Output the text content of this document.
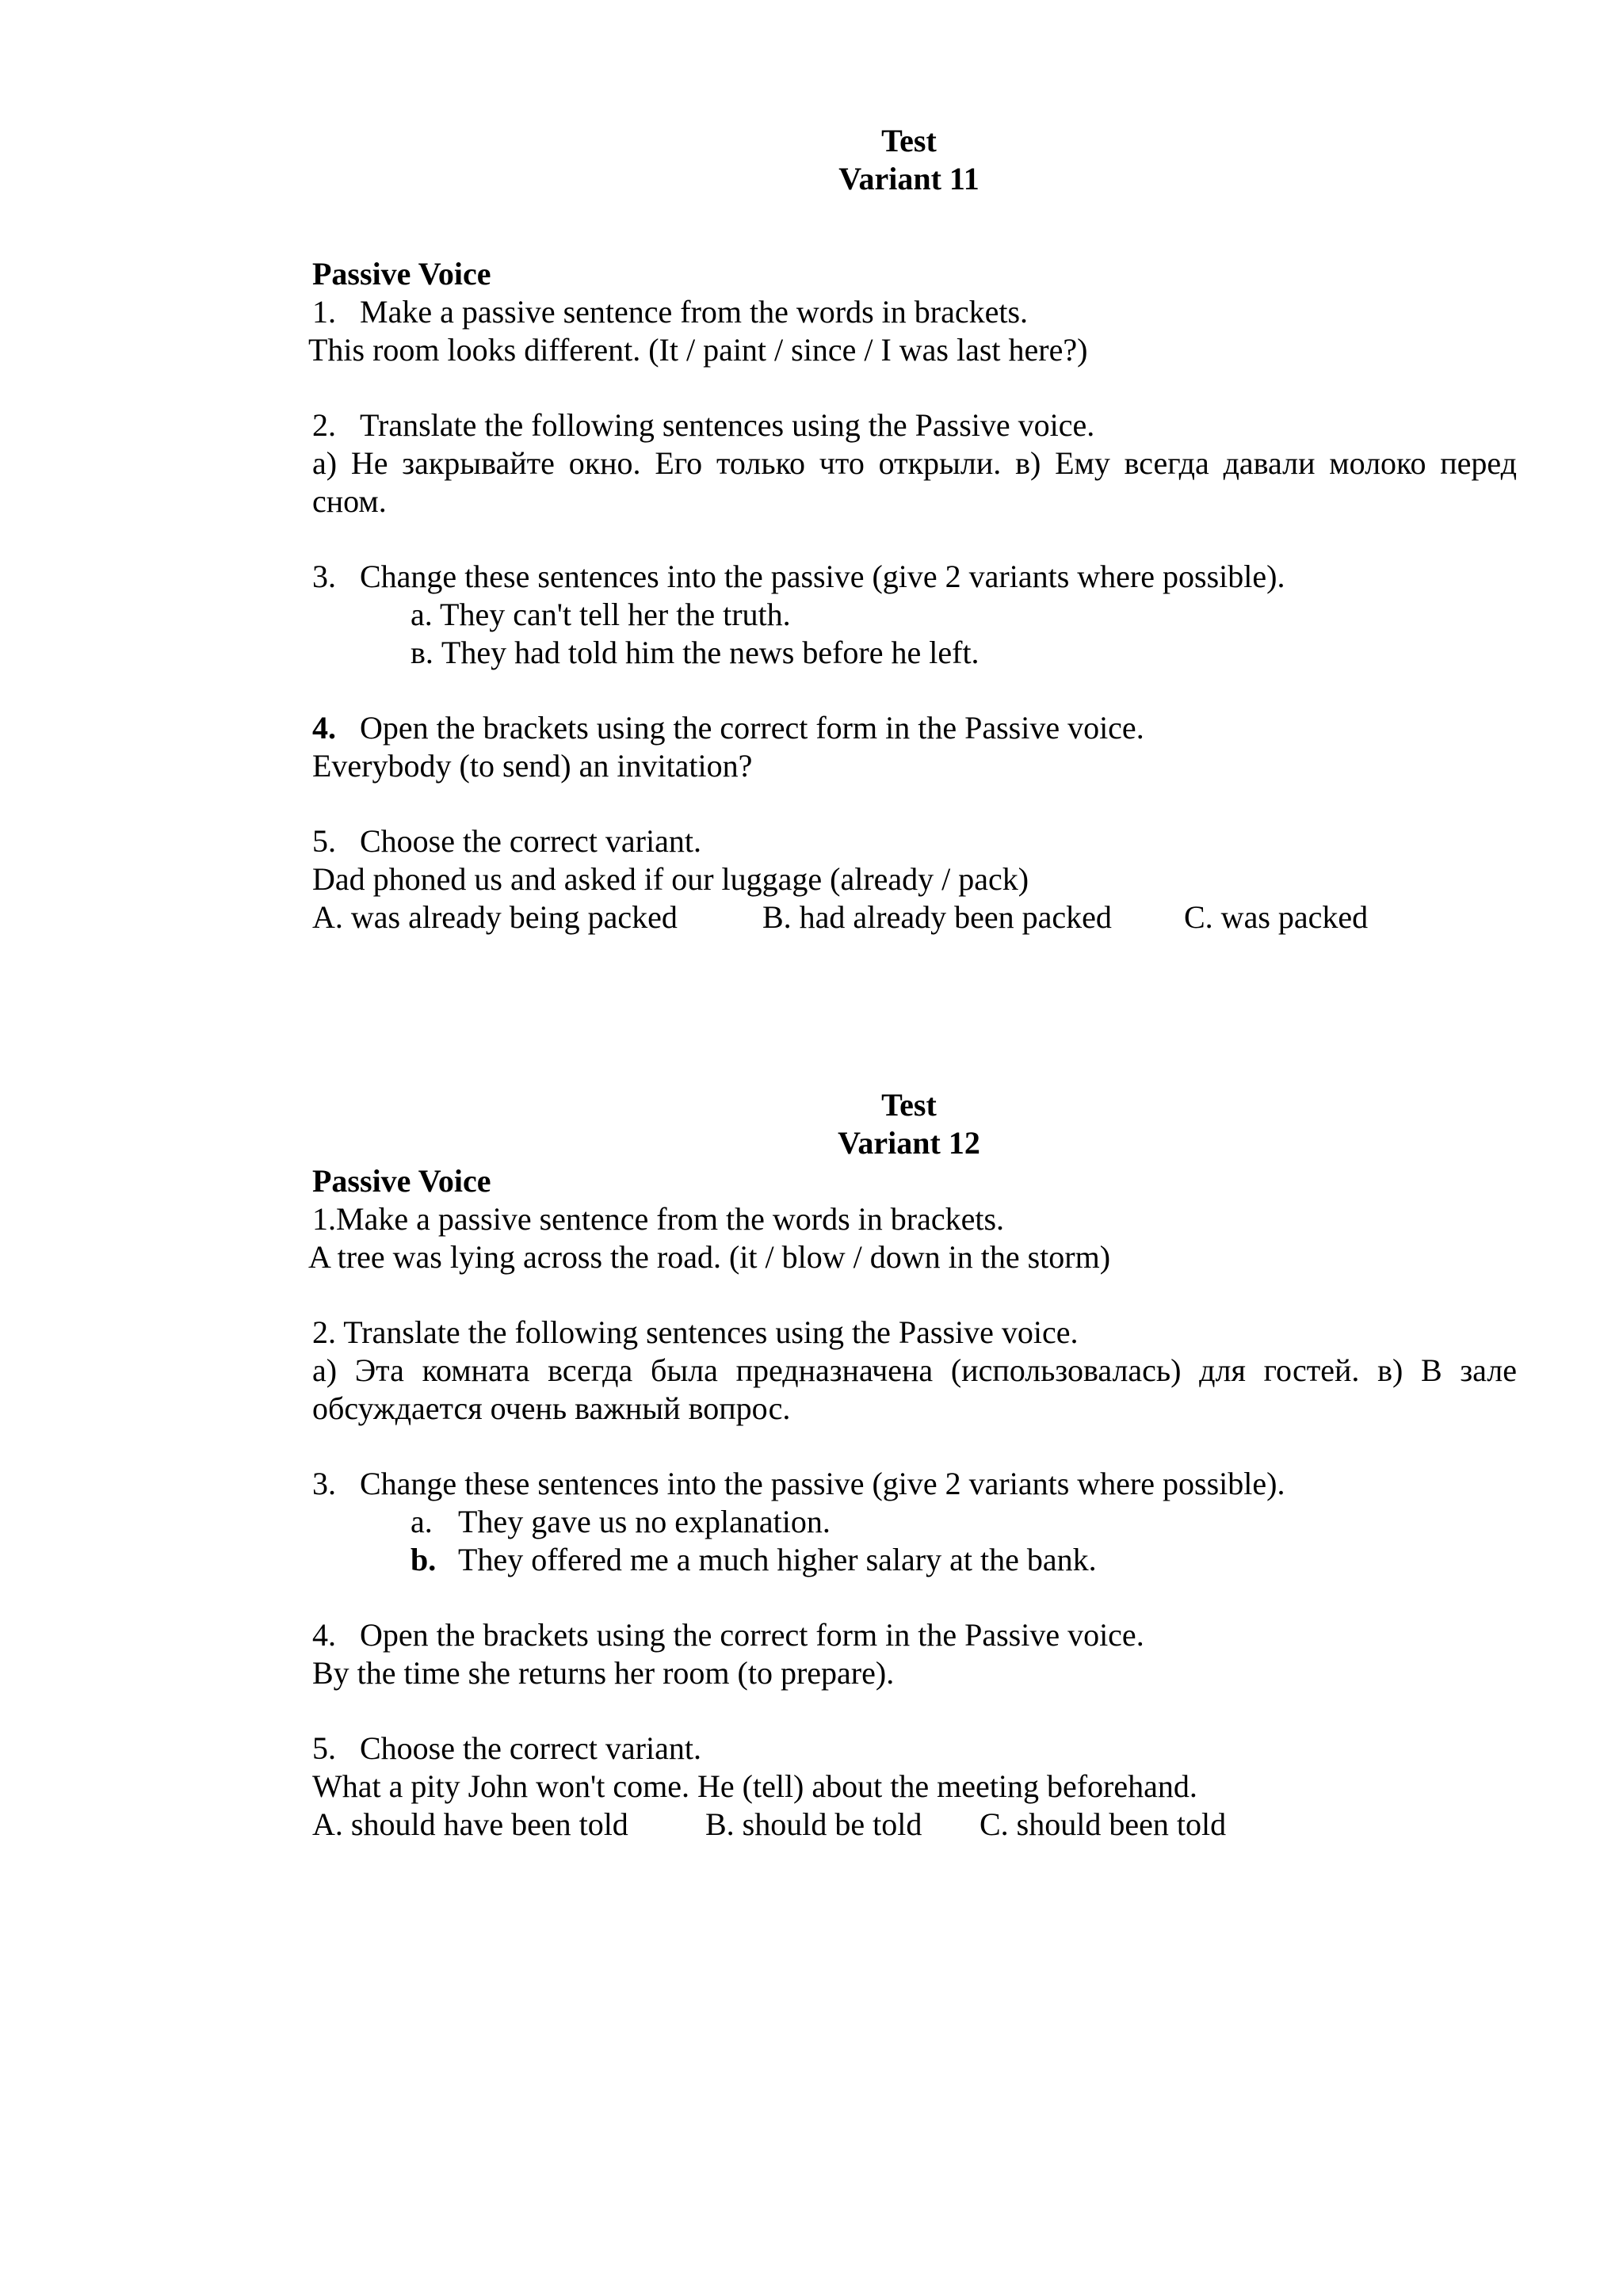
Test
Variant 11
Passive Voice
1. Make a passive sentence from the words in brackets.
This room looks different. (It / paint / since / I was last here?)
2. Translate the following sentences using the Passive voice.
а) Не закрывайте окно. Его только что открыли. в) Ему всегда давали молоко перед
сном.
3. Change these sentences into the passive (give 2 variants where possible).
a. They can't tell her the truth.
в. They had told him the news before he left.
4. Open the brackets using the correct form in the Passive voice.
Everybody (to send) an invitation?
5. Choose the correct variant.
Dad phoned us and asked if our luggage (already / pack)
A. was already being packed	B. had already been packed C. was packed
Test
Variant 12
Passive Voice
1.Make a passive sentence from the words in brackets.
A tree was lying across the road. (it / blow / down in the storm)
2. Translate the following sentences using the Passive voice.
а) Эта комната всегда была предназначена (использовалась) для гостей. в) В зале
обсуждается очень важный вопрос.
3. Change these sentences into the passive (give 2 variants where possible).
a. They gave us no explanation.
b. They offered me a much higher salary at the bank.
4. Open the brackets using the correct form in the Passive voice.
By the time she returns her room (to prepare).
5. Choose the correct variant.
What a pity John won't come. He (tell) about the meeting beforehand.
A. should have been told B. should be told C. should been told
